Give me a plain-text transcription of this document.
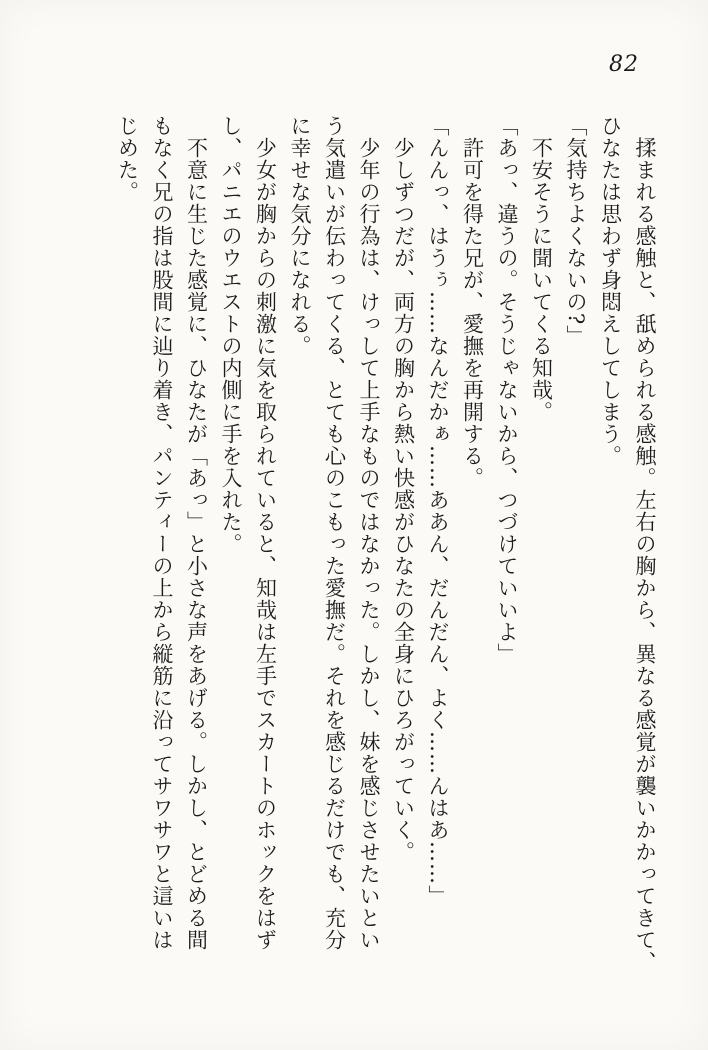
82
　揉まれる感触と、舐められる感触。左右の胸から、異なる感覚が襲いかかってきて、
ひなたは思わず身悶えしてしまう。
「気持ちよくないの?」
　不安そうに聞いてくる知哉。
「あっ、違うの。そうじゃないから、つづけていいよ」
　許可を得た兄が、愛撫を再開する。
「んんっ、はうぅ……なんだかぁ……ああん、だんだん、よく……んはあ……」
　少しずつだが、両方の胸から熱い快感がひなたの全身にひろがっていく。
　少年の行為は、けっして上手なものではなかった。しかし、妹を感じさせたいとい
う気遣いが伝わってくる、とても心のこもった愛撫だ。それを感じるだけでも、充分
に幸せな気分になれる。
　少女が胸からの刺激に気を取られていると、知哉は左手でスカートのホックをはず
し、パニエのウエストの内側に手を入れた。
　不意に生じた感覚に、ひなたが「あっ」と小さな声をあげる。しかし、とどめる間
もなく兄の指は股間に辿り着き、パンティーの上から縦筋に沿ってサワサワと這いは
じめた。
